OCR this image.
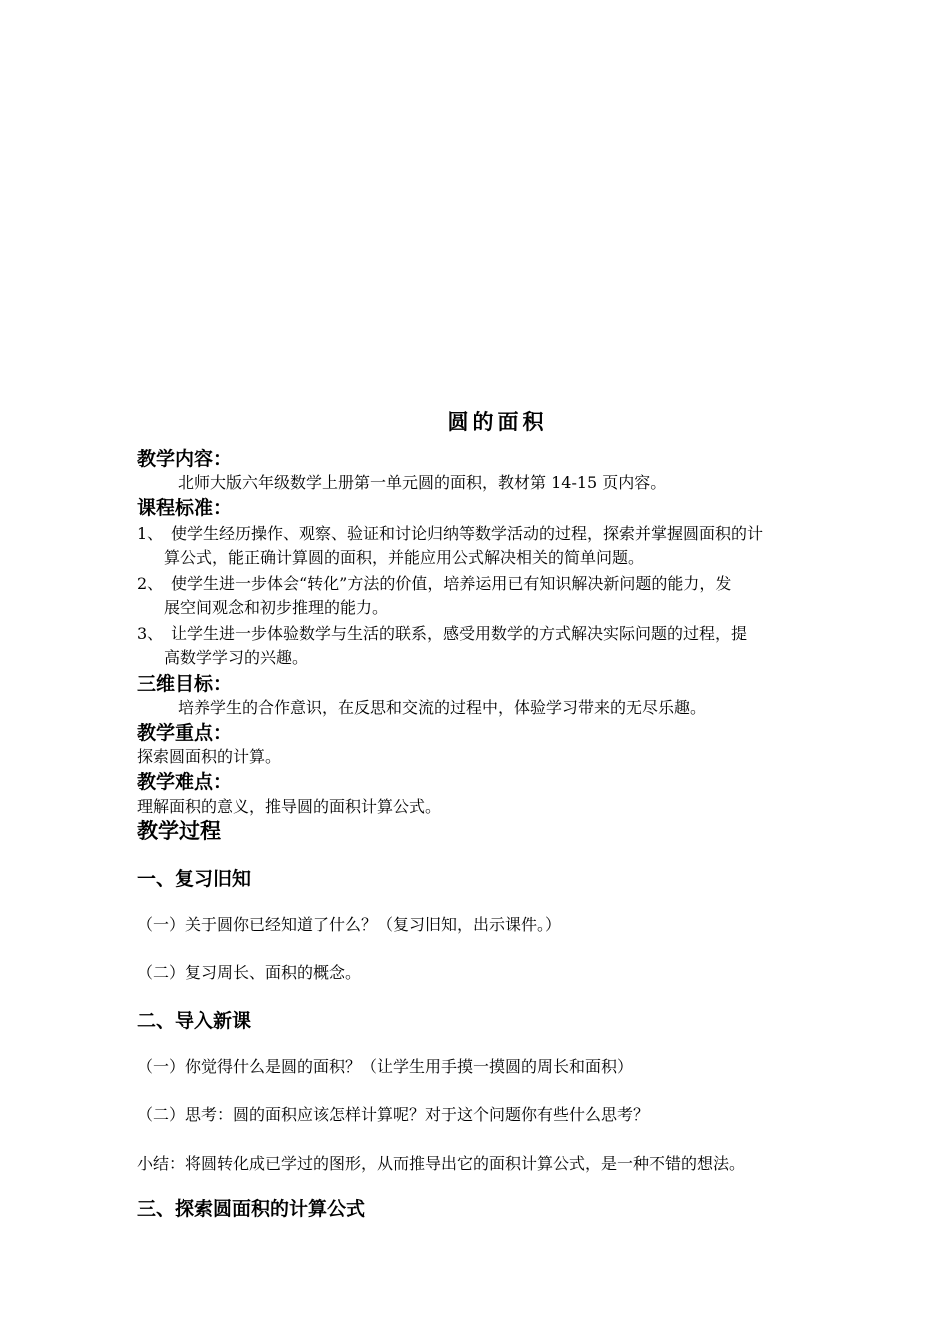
圆的面积
教学内容：
北师大版六年级数学上册第一单元圆的面积，教材第 14-15 页内容。
课程标准：
1、 使学生经历操作、观察、验证和讨论归纳等数学活动的过程，探索并掌握圆面积的计
算公式，能正确计算圆的面积，并能应用公式解决相关的简单问题。
2、 使学生进一步体会“转化”方法的价值，培养运用已有知识解决新问题的能力，发
展空间观念和初步推理的能力。
3、 让学生进一步体验数学与生活的联系，感受用数学的方式解决实际问题的过程，提
高数学学习的兴趣。
三维目标：
培养学生的合作意识，在反思和交流的过程中，体验学习带来的无尽乐趣。
教学重点：
探索圆面积的计算。
教学难点：
理解面积的意义，推导圆的面积计算公式。
教学过程
一、复习旧知
（一）关于圆你已经知道了什么？（复习旧知，出示课件。）
（二）复习周长、面积的概念。
二、导入新课
（一）你觉得什么是圆的面积？（让学生用手摸一摸圆的周长和面积）
（二）思考：圆的面积应该怎样计算呢？对于这个问题你有些什么思考？
小结：将圆转化成已学过的图形，从而推导出它的面积计算公式，是一种不错的想法。
三、探索圆面积的计算公式
